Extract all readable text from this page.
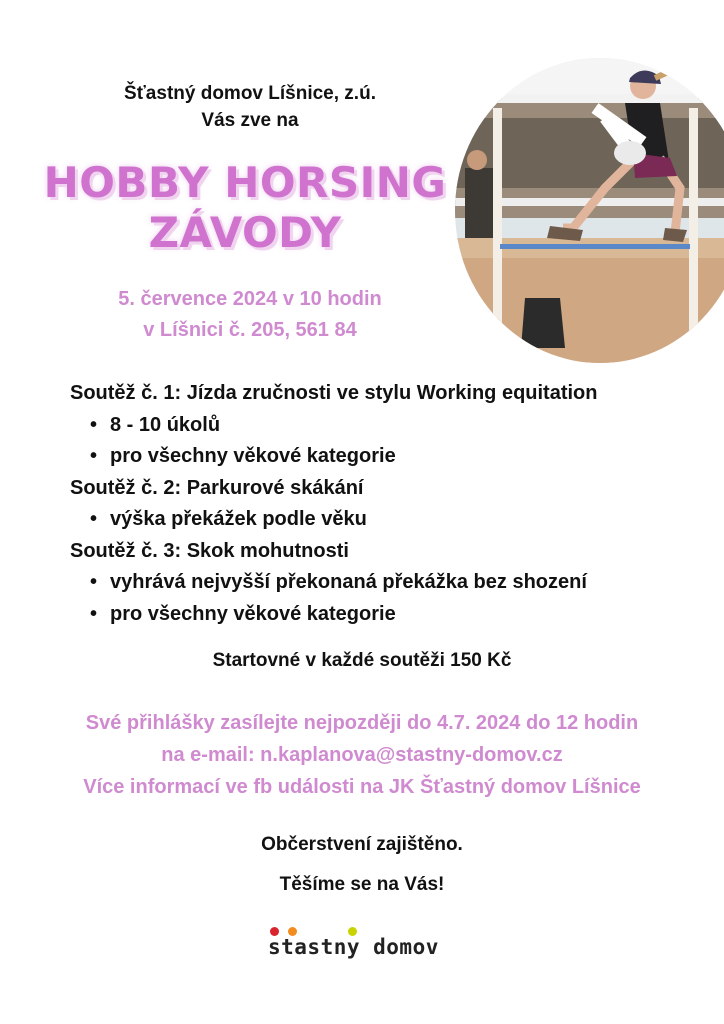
Šťastný domov Líšnice, z.ú.
Vás zve na
HOBBY HORSING
ZÁVODY
5. července 2024 v 10 hodin
v Líšnici č. 205, 561 84
Soutěž č. 1: Jízda zručnosti ve stylu Working equitation
• 8 - 10 úkolů
• pro všechny věkové kategorie
Soutěž č. 2: Parkurové skákání
• výška překážek podle věku
Soutěž č. 3: Skok mohutnosti
• vyhrává nejvyšší překonaná překážka bez shození
• pro všechny věkové kategorie
Startovné v každé soutěži 150 Kč
Své přihlášky zasílejte nejpozději do 4.7. 2024 do 12 hodin
na e-mail: n.kaplanova@stastny-domov.cz
Více informací ve fb události na JK Šťastný domov Líšnice
Občerstvení zajištěno.
Těšíme se na Vás!
stastny domov
